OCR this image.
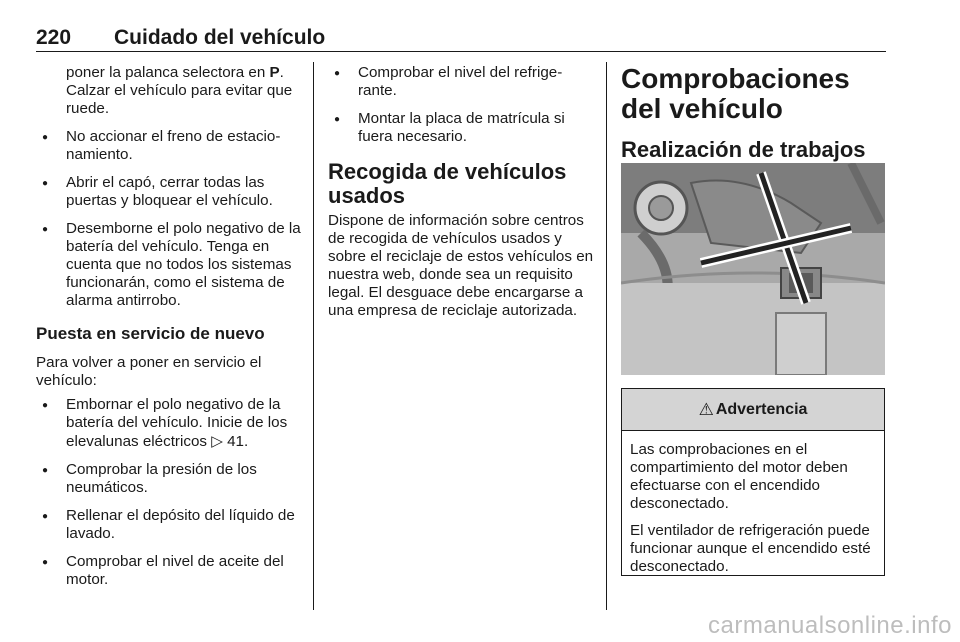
220 Cuidado del vehículo

poner la palanca selectora en P. Calzar el vehículo para evitar que ruede.

● No accionar el freno de estacionamiento.
● Abrir el capó, cerrar todas las puertas y bloquear el vehículo.
● Desemborne el polo negativo de la batería del vehículo. Tenga en cuenta que no todos los sistemas funcionarán, como el sistema de alarma antirrobo.

Puesta en servicio de nuevo

Para volver a poner en servicio el vehículo:

● Embornar el polo negativo de la batería del vehículo. Inicie de los elevalunas eléctricos ▷ 41.
● Comprobar la presión de los neumáticos.
● Rellenar el depósito del líquido de lavado.
● Comprobar el nivel de aceite del motor.
● Comprobar el nivel del refrigerante.
● Montar la placa de matrícula si fuera necesario.

Recogida de vehículos usados

Dispone de información sobre centros de recogida de vehículos usados y sobre el reciclaje de estos vehículos en nuestra web, donde sea un requisito legal. El desguace debe encargarse a una empresa de reciclaje autorizada.

Comprobaciones del vehículo

Realización de trabajos

⚠ Advertencia

Las comprobaciones en el compartimiento del motor deben efectuarse con el encendido desconectado.

El ventilador de refrigeración puede funcionar aunque el encendido esté desconectado.

carmanualsonline.info
